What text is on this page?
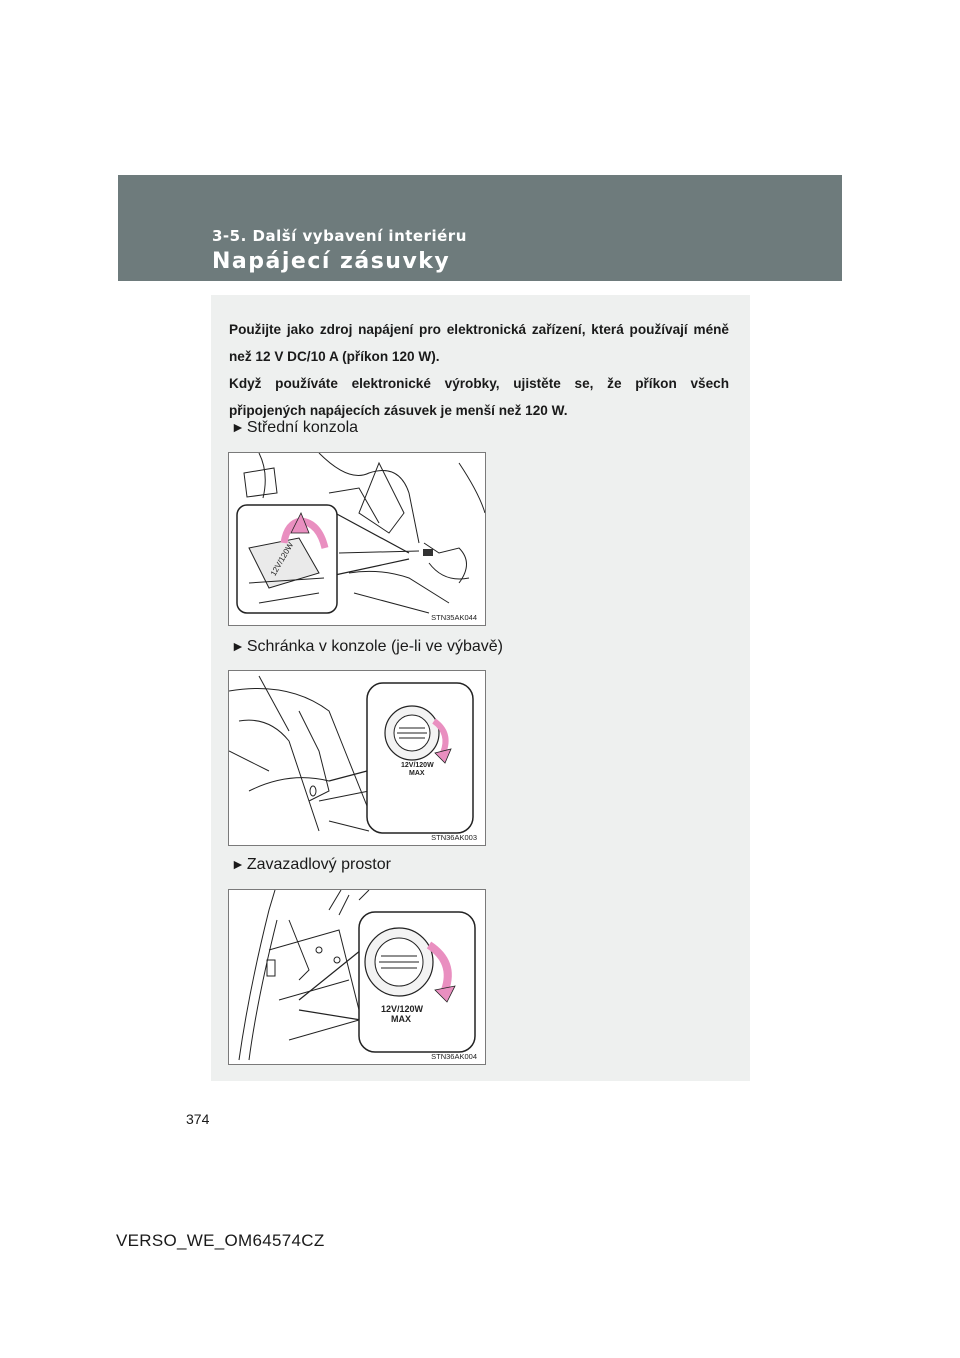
3-5. Další vybavení interiéru
Napájecí zásuvky

Použijte jako zdroj napájení pro elektronická zařízení, která používají méně než 12 V DC/10 A (příkon 120 W).

Když používáte elektronické výrobky, ujistěte se, že příkon všech připojených napájecích zásuvek je menší než 120 W.

► Střední konzola
12V/120W
STN35AK044
► Schránka v konzole (je-li ve výbavě)
12V/120W
MAX
STN36AK003
► Zavazadlový prostor
12V/120W
MAX
STN36AK004
374
VERSO_WE_OM64574CZ
